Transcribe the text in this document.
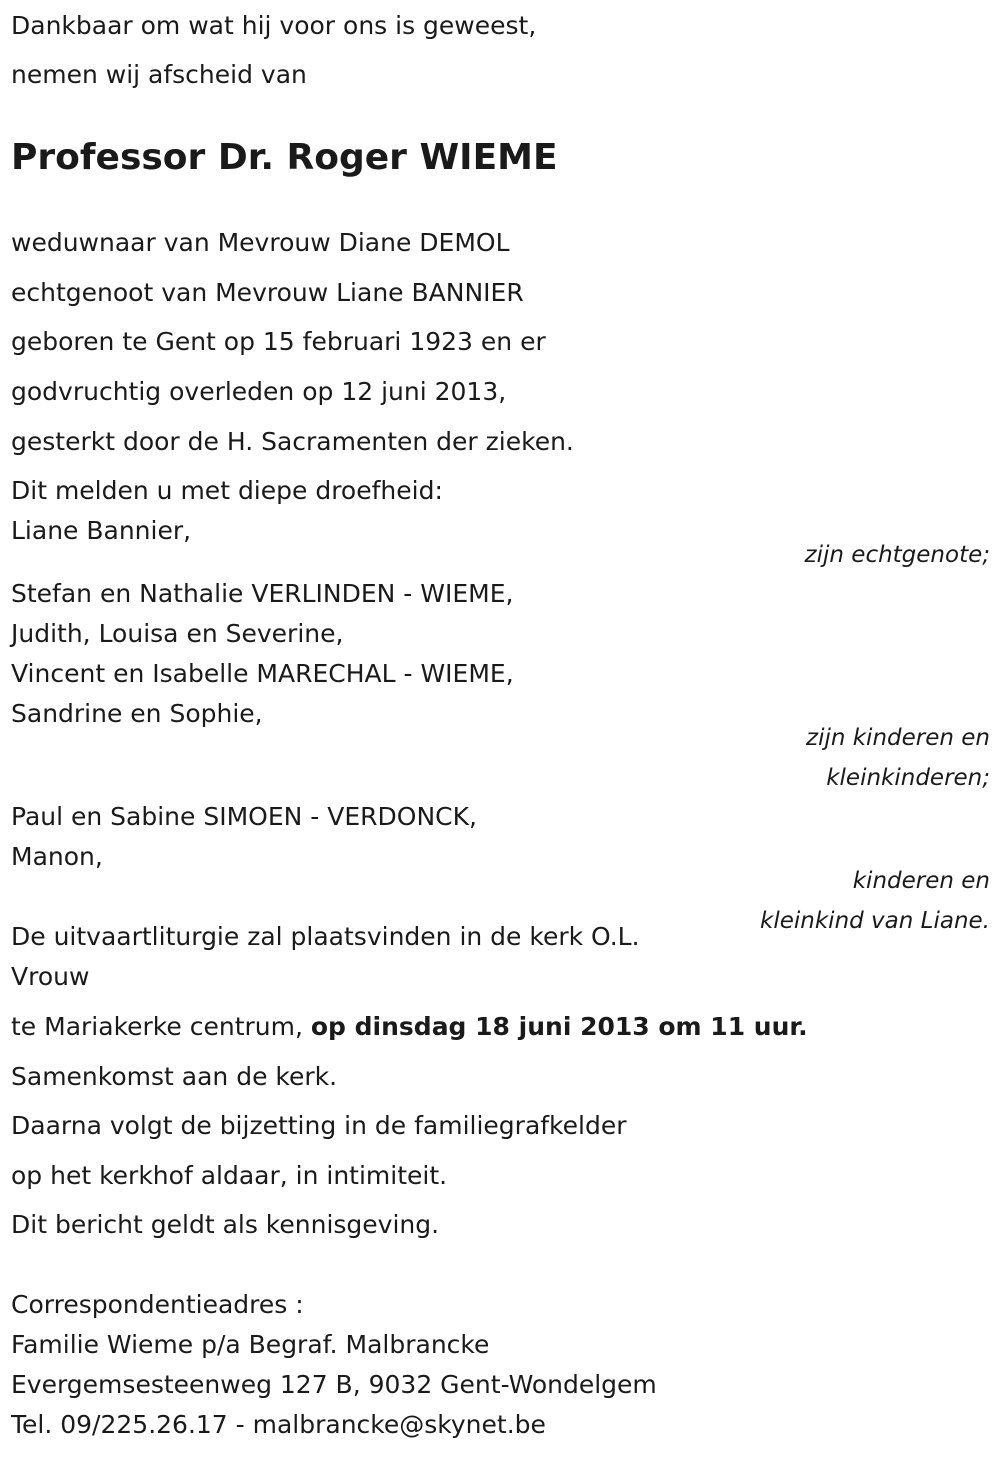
Dankbaar om wat hij voor ons is geweest,
nemen wij afscheid van
Professor Dr. Roger WIEME
weduwnaar van Mevrouw Diane DEMOL
echtgenoot van Mevrouw Liane BANNIER
geboren te Gent op 15 februari 1923 en er
godvruchtig overleden op 12 juni 2013,
gesterkt door de H. Sacramenten der zieken.
Dit melden u met diepe droefheid:
Liane Bannier,
zijn echtgenote;
Stefan en Nathalie VERLINDEN - WIEME,
Judith, Louisa en Severine,
Vincent en Isabelle MARECHAL - WIEME,
Sandrine en Sophie,
zijn kinderen en
kleinkinderen;
Paul en Sabine SIMOEN - VERDONCK,
Manon,
kinderen en
kleinkind van Liane.
De uitvaartliturgie zal plaatsvinden in de kerk O.L.
Vrouw
te Mariakerke centrum, op dinsdag 18 juni 2013 om 11 uur.
Samenkomst aan de kerk.
Daarna volgt de bijzetting in de familiegrafkelder
op het kerkhof aldaar, in intimiteit.
Dit bericht geldt als kennisgeving.
Correspondentieadres :
Familie Wieme p/a Begraf. Malbrancke
Evergemsesteenweg 127 B, 9032 Gent-Wondelgem
Tel. 09/225.26.17 - malbrancke@skynet.be
